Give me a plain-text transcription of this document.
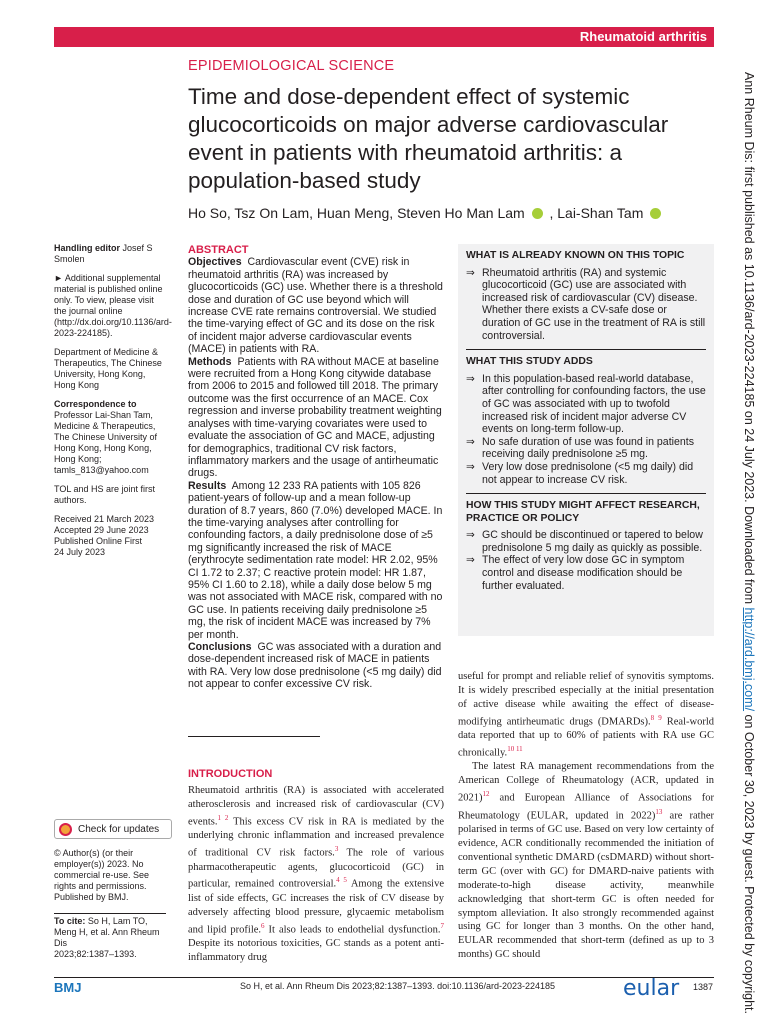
Rheumatoid arthritis
EPIDEMIOLOGICAL SCIENCE
Time and dose-dependent effect of systemic glucocorticoids on major adverse cardiovascular event in patients with rheumatoid arthritis: a population-based study
Ho So, Tsz On Lam, Huan Meng, Steven Ho Man Lam , Lai-Shan Tam

Handling editor Josef S Smolen

► Additional supplemental material is published online only. To view, please visit the journal online (http://dx.doi.org/10.1136/ard-2023-224185).

Department of Medicine & Therapeutics, The Chinese University, Hong Kong, Hong Kong

Correspondence to
Professor Lai-Shan Tam, Medicine & Therapeutics, The Chinese University of Hong Kong, Hong Kong, Hong Kong; tamls_813@yahoo.com

TOL and HS are joint first authors.

Received 21 March 2023
Accepted 29 June 2023
Published Online First
24 July 2023

Check for updates
© Author(s) (or their employer(s)) 2023. No commercial re-use. See rights and permissions. Published by BMJ.
To cite: So H, Lam TO, Meng H, et al. Ann Rheum Dis
2023;82:1387–1393.
ABSTRACT
Objectives Cardiovascular event (CVE) risk in rheumatoid arthritis (RA) was increased by glucocorticoids (GC) use. Whether there is a threshold dose and duration of GC use beyond which will increase CVE rate remains controversial. We studied the time-varying effect of GC and its dose on the risk of incident major adverse cardiovascular events (MACE) in patients with RA.
Methods Patients with RA without MACE at baseline were recruited from a Hong Kong citywide database from 2006 to 2015 and followed till 2018. The primary outcome was the first occurrence of an MACE. Cox regression and inverse probability treatment weighting analyses with time-varying covariates were used to evaluate the association of GC and MACE, adjusting for demographics, traditional CV risk factors, inflammatory markers and the usage of antirheumatic drugs.
Results Among 12 233 RA patients with 105 826 patient-years of follow-up and a mean follow-up duration of 8.7 years, 860 (7.0%) developed MACE. In the time-varying analyses after controlling for confounding factors, a daily prednisolone dose of ≥5 mg significantly increased the risk of MACE (erythrocyte sedimentation rate model: HR 2.02, 95% CI 1.72 to 2.37; C reactive protein model: HR 1.87, 95% CI 1.60 to 2.18), while a daily dose below 5 mg was not associated with MACE risk, compared with no GC use. In patients receiving daily prednisolone ≥5 mg, the risk of incident MACE was increased by 7% per month.
Conclusions GC was associated with a duration and dose-dependent increased risk of MACE in patients with RA. Very low dose prednisolone (<5 mg daily) did not appear to confer excessive CV risk.
WHAT IS ALREADY KNOWN ON THIS TOPIC
⇒ Rheumatoid arthritis (RA) and systemic glucocorticoid (GC) use are associated with increased risk of cardiovascular (CV) disease. Whether there exists a CV-safe dose or duration of GC use in the treatment of RA is still controversial.
WHAT THIS STUDY ADDS
⇒ In this population-based real-world database, after controlling for confounding factors, the use of GC was associated with up to twofold increased risk of incident major adverse CV events on long-term follow-up.
⇒ No safe duration of use was found in patients receiving daily prednisolone ≥5 mg.
⇒ Very low dose prednisolone (<5 mg daily) did not appear to increase CV risk.
HOW THIS STUDY MIGHT AFFECT RESEARCH, PRACTICE OR POLICY
⇒ GC should be discontinued or tapered to below prednisolone 5 mg daily as quickly as possible.
⇒ The effect of very low dose GC in symptom control and disease modification should be further evaluated.
INTRODUCTION
Rheumatoid arthritis (RA) is associated with accelerated atherosclerosis and increased risk of cardiovascular (CV) events.$^{1 2}$ This excess CV risk in RA is mediated by the underlying chronic inflammation and increased prevalence of traditional CV risk factors.$^3$ The role of various pharmacotherapeutic agents, glucocorticoid (GC) in particular, remained controversial.$^{4 5}$ Among the extensive list of side effects, GC increases the risk of CV disease by adversely affecting blood pressure, glycaemic metabolism and lipid profile.$^6$ It also leads to endothelial dysfunction.$^7$ Despite its notorious toxicities, GC stands as a potent anti-inflammatory drug
useful for prompt and reliable relief of synovitis symptoms. It is widely prescribed especially at the initial presentation of active disease while awaiting the effect of disease-modifying antirheumatic drugs (DMARDs).$^{8 9}$ Real-world data reported that up to 60% of patients with RA use GC chronically.$^{10 11}$
The latest RA management recommendations from the American College of Rheumatology (ACR, updated in 2021)$^{12}$ and European Alliance of Associations for Rheumatology (EULAR, updated in 2022)$^{13}$ are rather polarised in terms of GC use. Based on very low certainty of evidence, ACR conditionally recommended the initiation of conventional synthetic DMARD (csDMARD) without short-term GC (over with GC) for DMARD-naive patients with moderate-to-high disease activity, meanwhile acknowledging that short-term GC is often needed for symptom alleviation. It also strongly recommended against using GC for longer than 3 months. On the other hand, EULAR recommended that short-term (defined as up to 3 months) GC should
BMJ	So H, et al. Ann Rheum Dis 2023;82:1387–1393. doi:10.1136/ard-2023-224185	eular 1387
Ann Rheum Dis: first published as 10.1136/ard-2023-224185 on 24 July 2023. Downloaded from http://ard.bmj.com/ on October 30, 2023 by guest. Protected by copyright.
